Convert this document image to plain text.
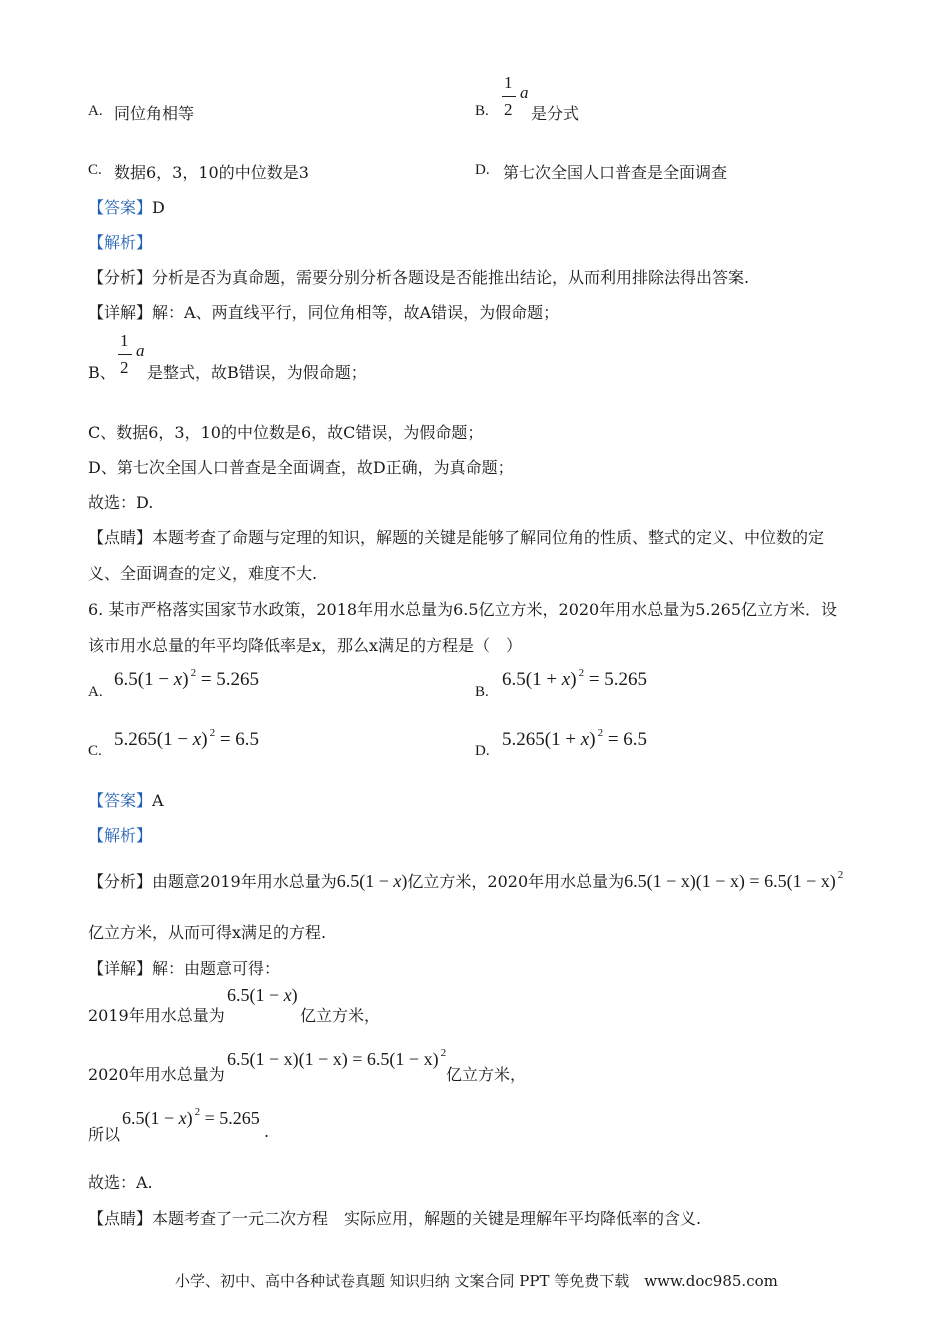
A. 同位角相等	B.
1
2
a
是分式
C. 数据6，3，10的中位数是3	D. 第七次全国人口普查是全面调查
【答案】D
【解析】
【分析】分析是否为真命题，需要分别分析各题设是否能推出结论，从而利用排除法得出答案.
【详解】解：A、两直线平行，同位角相等，故A错误，为假命题；
B、
1
2
a
是整式，故B错误，为假命题；
C、数据6，3，10的中位数是6，故C错误，为假命题；
D、第七次全国人口普查是全面调查，故D正确，为真命题；
故选：D.
【点睛】本题考查了命题与定理的知识，解题的关键是能够了解同位角的性质、整式的定义、中位数的定
义、全面调查的定义，难度不大.
6. 某市严格落实国家节水政策，2018年用水总量为6.5亿立方米，2020年用水总量为5.265亿立方米．设
该市用水总量的年平均降低率是x，那么x满足的方程是（　）
A.
6.5(1 − x) $^2$ = 5.265
B.
6.5(1 + x) $^2$ = 5.265
C.
5.265(1 − x) $^2$ = 6.5
D.
5.265(1 + x) $^2$ = 6.5
【答案】A
【解析】
【分析】由题意2019年用水总量为6.5(1 − x)亿立方米，2020年用水总量为6.5(1 − x)(1 − x) = 6.5(1 − x) $^2$
亿立方米，从而可得x满足的方程.
【详解】解：由题意可得：
2019年用水总量为
6.5(1 − x)
亿立方米，
2020年用水总量为
6.5(1 − x)(1 − x) = 6.5(1 − x) $^2$
亿立方米，
所以
6.5(1 − x) $^2$ = 5.265
.
故选：A.
【点睛】本题考查了一元二次方程　实际应用，解题的关键是理解年平均降低率的含义.
小学、初中、高中各种试卷真题 知识归纳 文案合同 PPT 等免费下载　www.doc985.com
